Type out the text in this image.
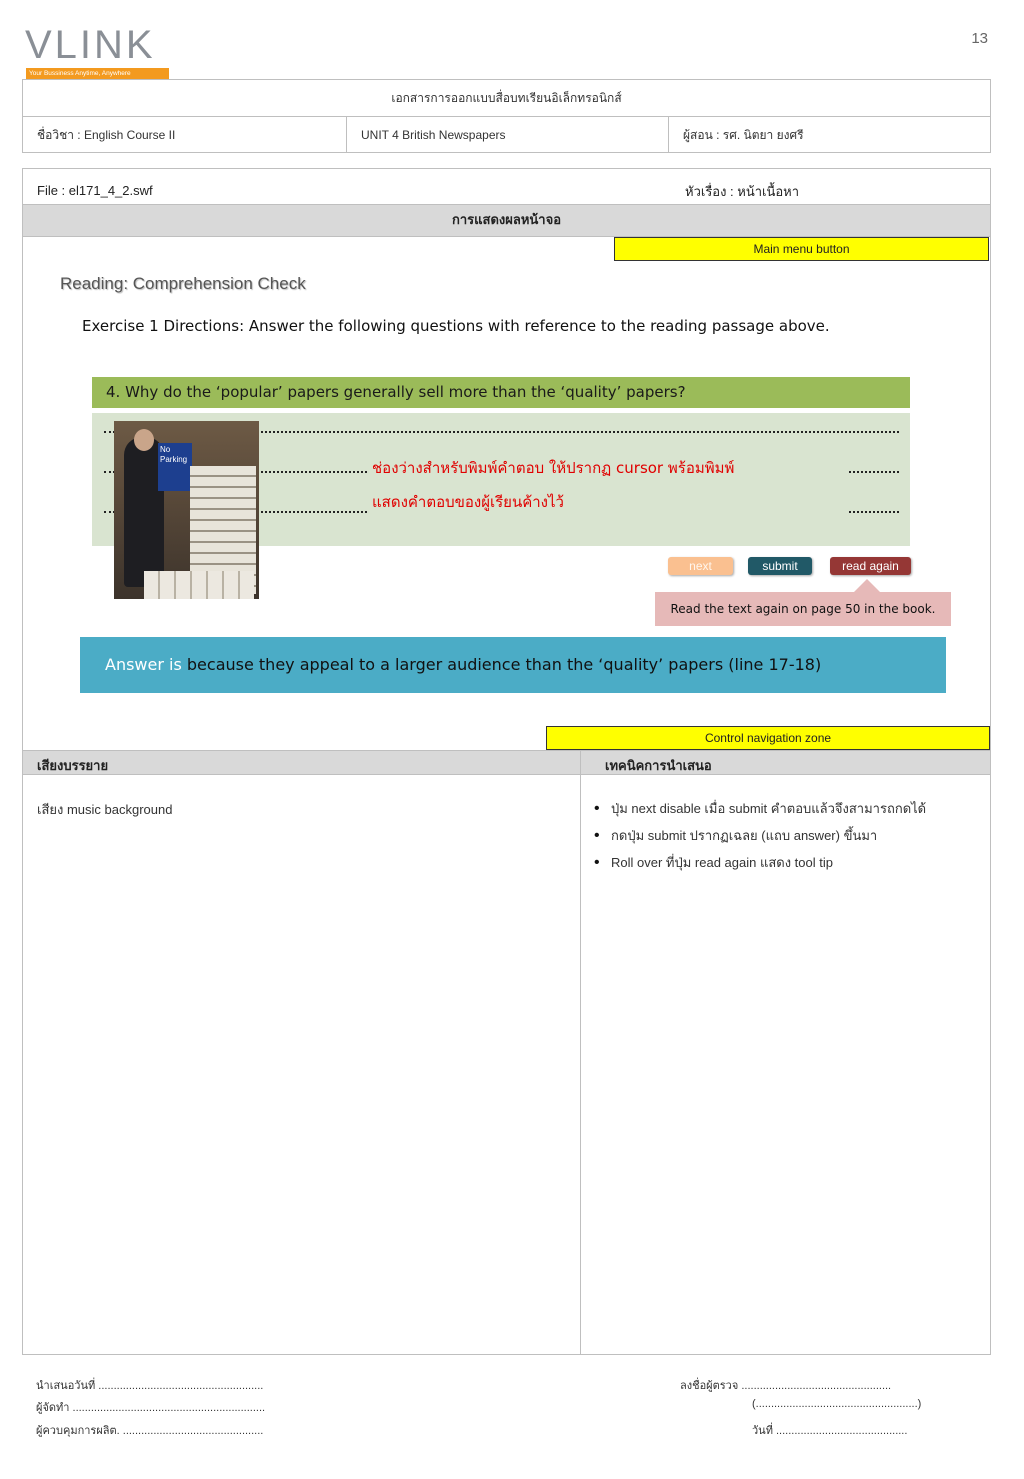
VLINK
Your Bussiness Anytime, Anywhere
13
เอกสารการออกแบบสื่อบทเรียนอิเล็กทรอนิกส์
ชื่อวิชา : English Course II	UNIT 4 British Newspapers	ผู้สอน : รศ. นิตยา ยงศรี
File : el171_4_2.swf	หัวเรื่อง : หน้าเนื้อหา
การแสดงผลหน้าจอ
Main menu button
Reading: Comprehension Check
Exercise 1 Directions: Answer the following questions with reference to the reading passage above.
4. Why do the ‘popular’ papers generally sell more than the ‘quality’ papers?
ช่องว่างสำหรับพิมพ์คำตอบ ให้ปรากฏ cursor พร้อมพิมพ์
แสดงคำตอบของผู้เรียนค้างไว้
No Parking
next	submit	read again
Read the text again on page 50 in the book.
Answer is because they appeal to a larger audience than the ‘quality’ papers (line 17-18)
Control navigation zone
เสียงบรรยาย	เทคนิคการนำเสนอ
เสียง music background
•	ปุ่ม next disable เมื่อ submit คำตอบแล้วจึงสามารถกดได้
• กดปุ่ม submit ปรากฏเฉลย (แถบ answer) ขึ้นมา
• Roll over ที่ปุ่ม read again แสดง tool tip
นำเสนอวันที่ ......................................................
ผู้จัดทำ ...............................................................
ผู้ควบคุมการผลิต. ..............................................
ลงชื่อผู้ตรวจ .................................................
(.....................................................)
วันที่ ...........................................
